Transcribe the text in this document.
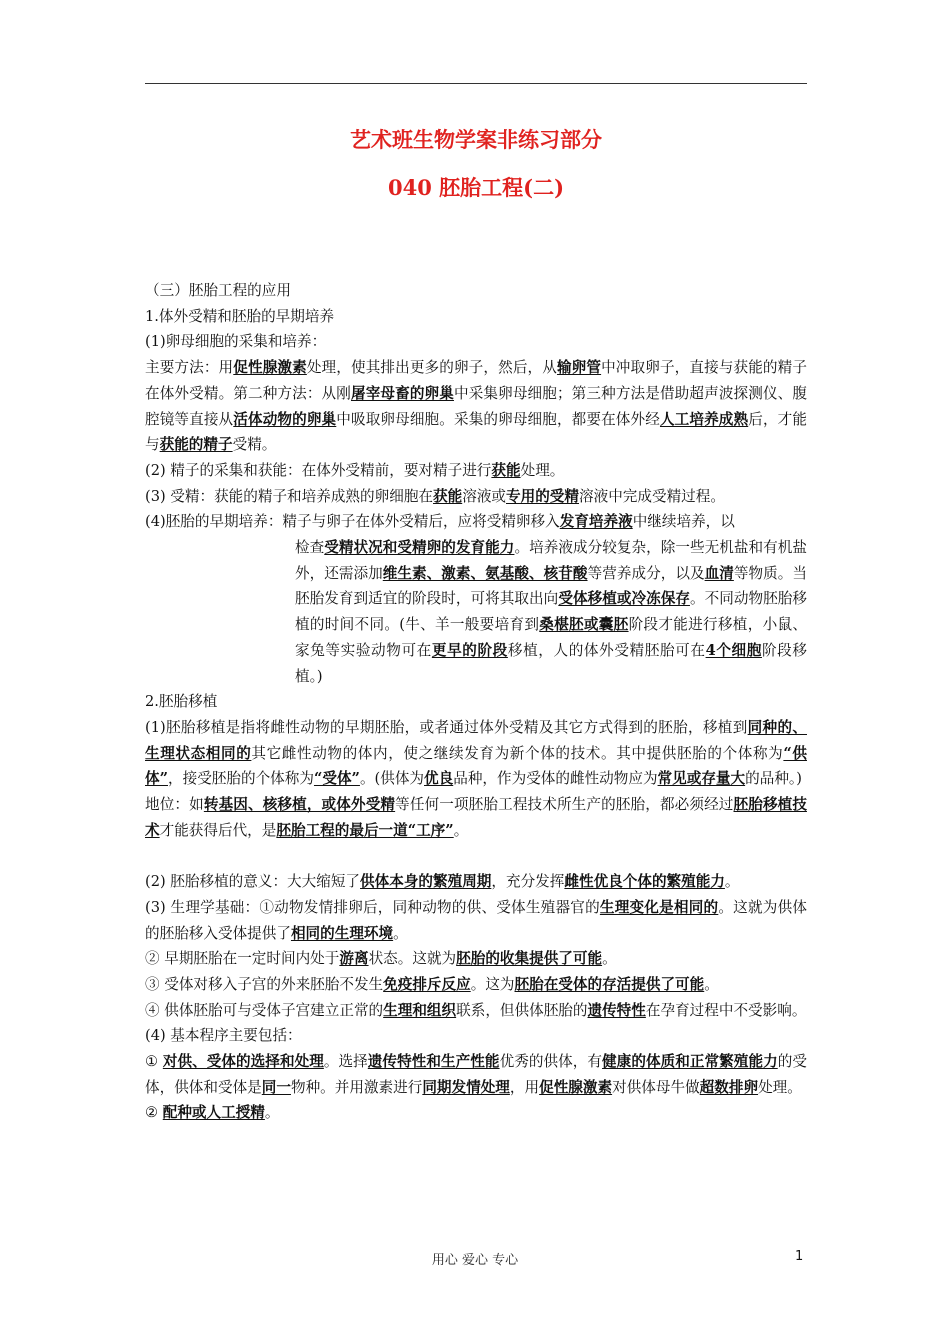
艺术班生物学案非练习部分
040 胚胎工程(二)

（三）胚胎工程的应用

1.体外受精和胚胎的早期培养

(1)卵母细胞的采集和培养：

主要方法：用促性腺激素处理，使其排出更多的卵子，然后，从输卵管中冲取卵子，直接与获能的精子在体外受精。第二种方法：从刚屠宰母畜的卵巢中采集卵母细胞；第三种方法是借助超声波探测仪、腹腔镜等直接从活体动物的卵巢中吸取卵母细胞。采集的卵母细胞，都要在体外经人工培养成熟后，才能与获能的精子受精。

(2) 精子的采集和获能：在体外受精前，要对精子进行获能处理。

(3) 受精：获能的精子和培养成熟的卵细胞在获能溶液或专用的受精溶液中完成受精过程。

(4)胚胎的早期培养：精子与卵子在体外受精后，应将受精卵移入发育培养液中继续培养，以

检查受精状况和受精卵的发育能力。培养液成分较复杂，除一些无机盐和有机盐外，还需添加维生素、激素、氨基酸、核苷酸等营养成分，以及血清等物质。当胚胎发育到适宜的阶段时，可将其取出向受体移植或冷冻保存。不同动物胚胎移植的时间不同。(牛、羊一般要培育到桑椹胚或囊胚阶段才能进行移植，小鼠、家兔等实验动物可在更早的阶段移植，人的体外受精胚胎可在4个细胞阶段移植。)

2.胚胎移植

(1)胚胎移植是指将雌性动物的早期胚胎，或者通过体外受精及其它方式得到的胚胎，移植到同种的、生理状态相同的其它雌性动物的体内，使之继续发育为新个体的技术。其中提供胚胎的个体称为“供体”，接受胚胎的个体称为“受体”。(供体为优良品种，作为受体的雌性动物应为常见或存量大的品种。)

地位：如转基因、核移植，或体外受精等任何一项胚胎工程技术所生产的胚胎，都必须经过胚胎移植技术才能获得后代，是胚胎工程的最后一道“工序”。

(2) 胚胎移植的意义：大大缩短了供体本身的繁殖周期，充分发挥雌性优良个体的繁殖能力。

(3) 生理学基础：①动物发情排卵后，同种动物的供、受体生殖器官的生理变化是相同的。这就为供体的胚胎移入受体提供了相同的生理环境。

② 早期胚胎在一定时间内处于游离状态。这就为胚胎的收集提供了可能。

③ 受体对移入子宫的外来胚胎不发生免疫排斥反应。这为胚胎在受体的存活提供了可能。

④ 供体胚胎可与受体子宫建立正常的生理和组织联系，但供体胚胎的遗传特性在孕育过程中不受影响。

(4) 基本程序主要包括：

① 对供、受体的选择和处理。选择遗传特性和生产性能优秀的供体，有健康的体质和正常繁殖能力的受体，供体和受体是同一物种。并用激素进行同期发情处理，用促性腺激素对供体母牛做超数排卵处理。

② 配种或人工授精。

用心 爱心 专心	1
